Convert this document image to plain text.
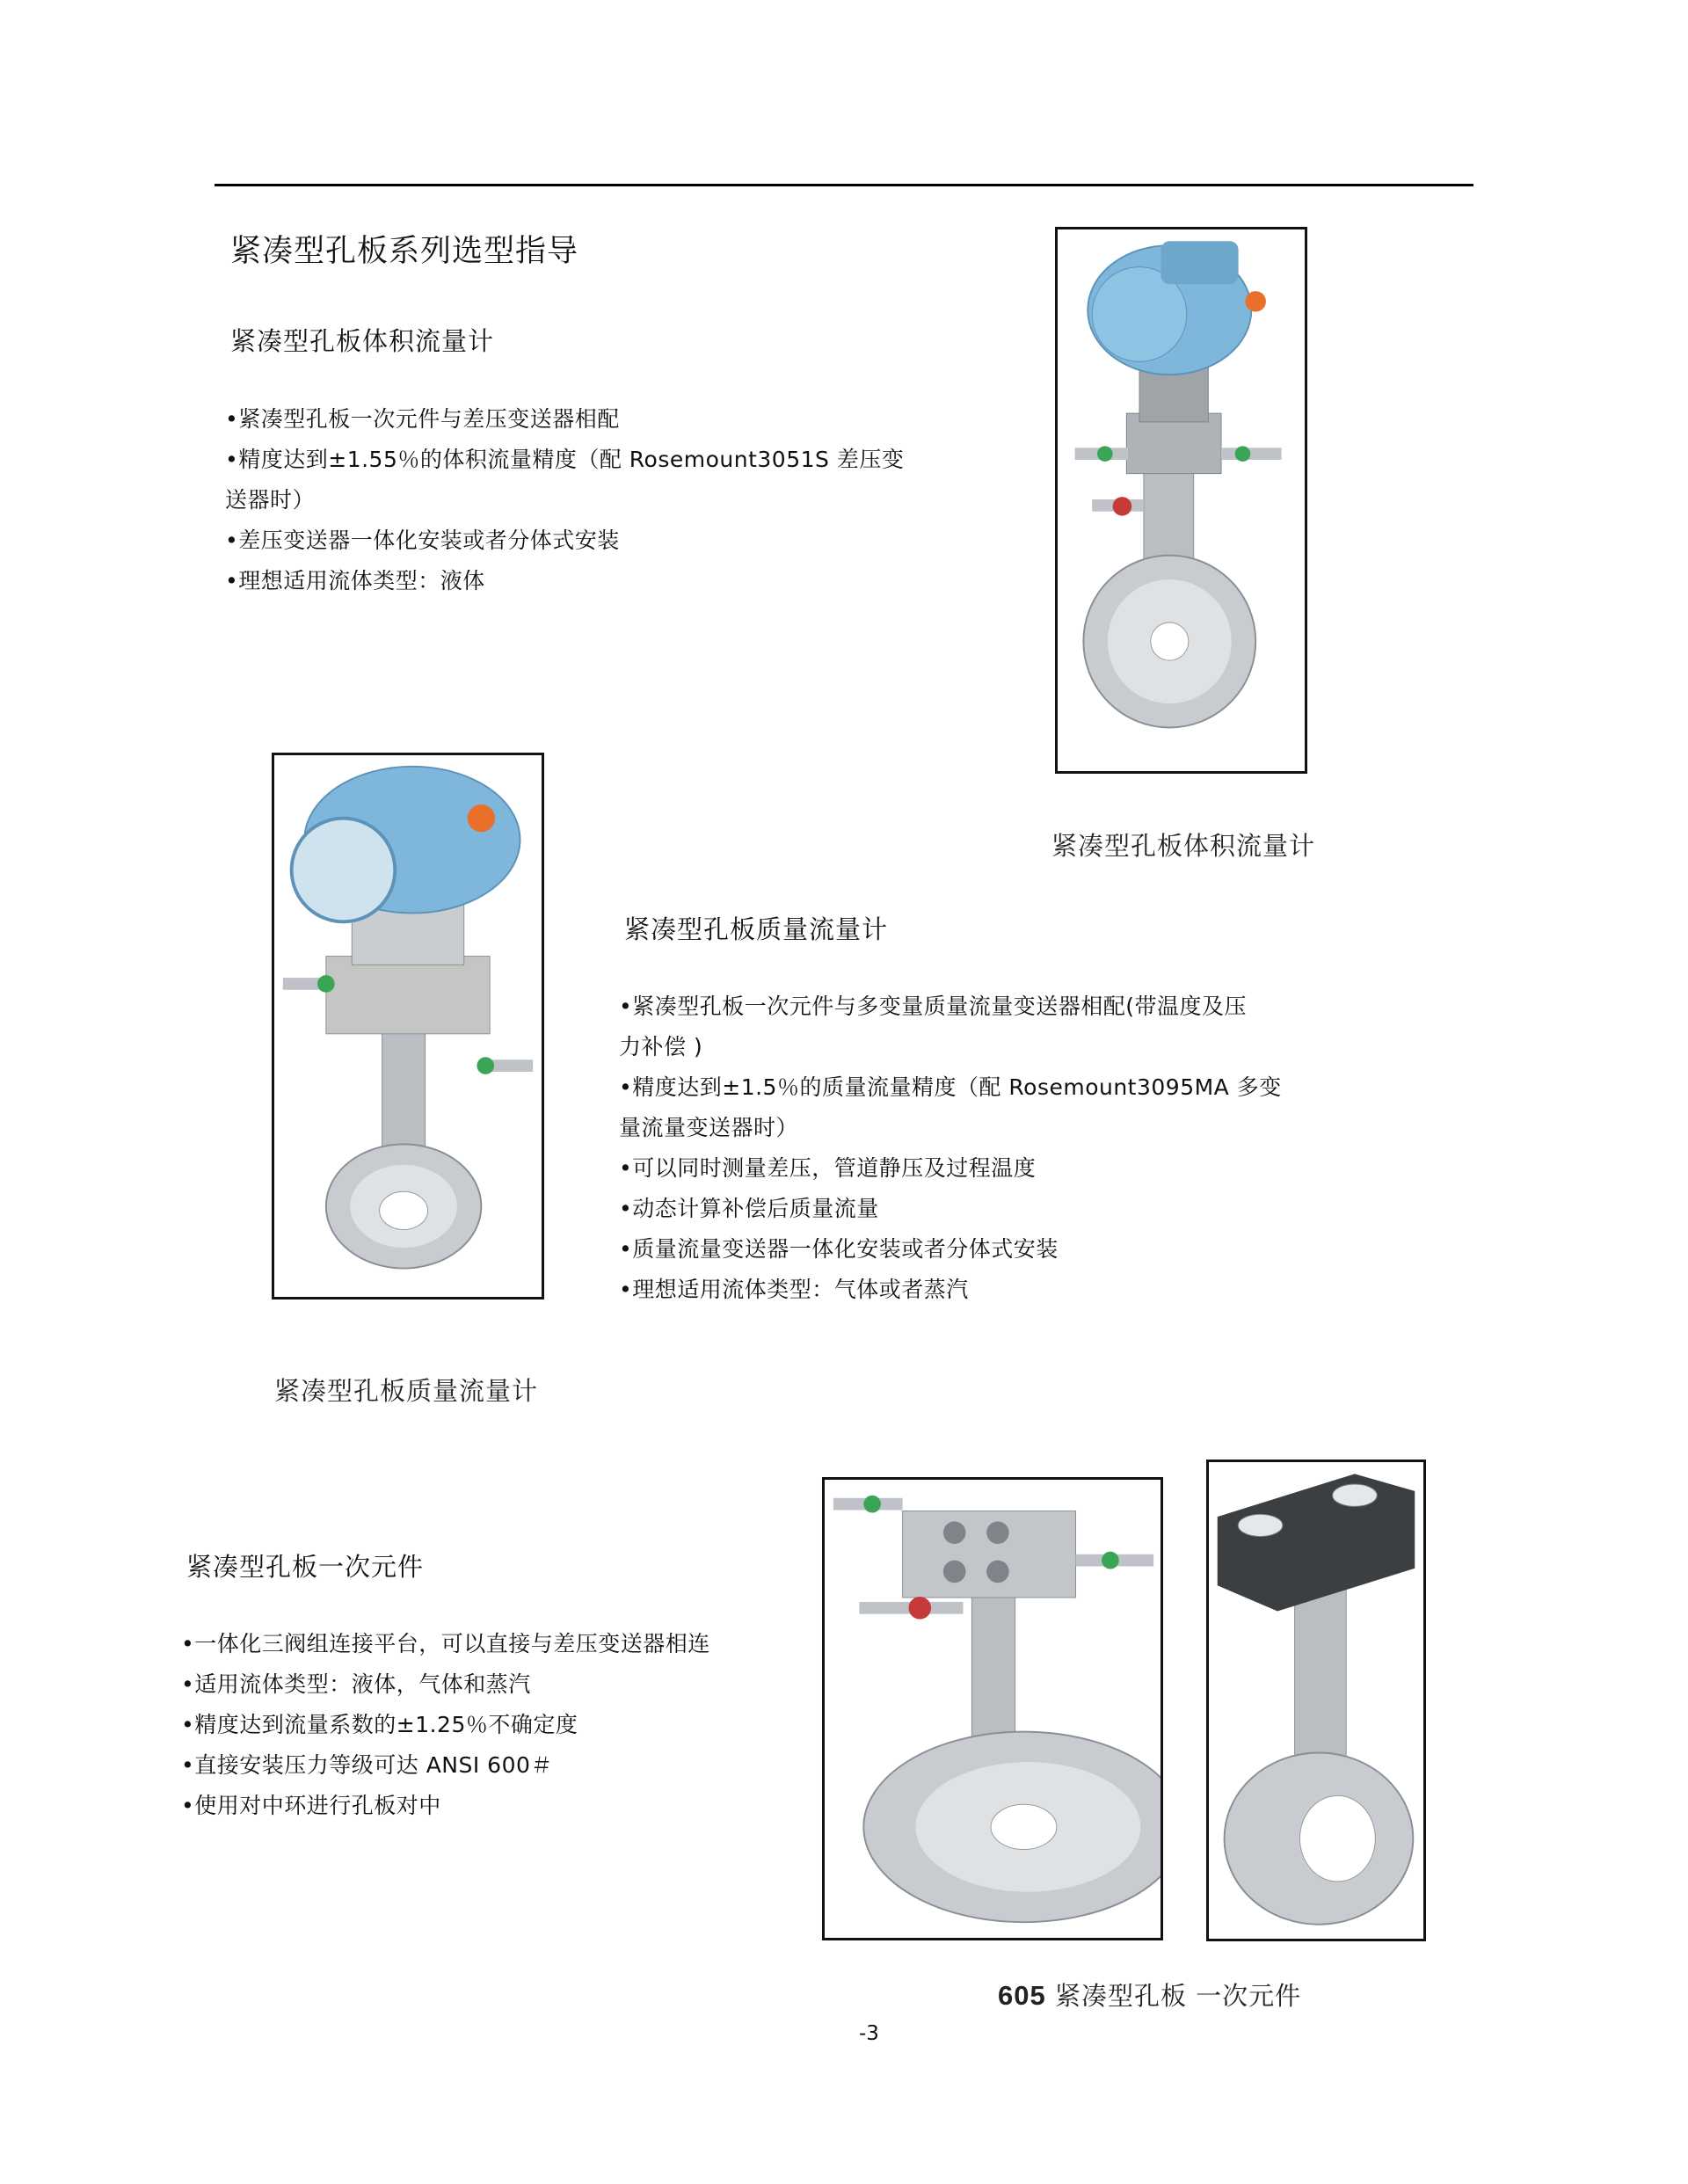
紧凑型孔板系列选型指导
紧凑型孔板体积流量计
•紧凑型孔板一次元件与差压变送器相配
•精度达到±1.55％的体积流量精度（配 Rosemount3051S 差压变
送器时）
•差压变送器一体化安装或者分体式安装
•理想适用流体类型：液体
紧凑型孔板体积流量计
紧凑型孔板质量流量计
紧凑型孔板质量流量计
•紧凑型孔板一次元件与多变量质量流量变送器相配(带温度及压
力补偿 )
•精度达到±1.5％的质量流量精度（配 Rosemount3095MA 多变
量流量变送器时）
•可以同时测量差压，管道静压及过程温度
•动态计算补偿后质量流量
•质量流量变送器一体化安装或者分体式安装
•理想适用流体类型：气体或者蒸汽
紧凑型孔板一次元件
•一体化三阀组连接平台，可以直接与差压变送器相连
•适用流体类型：液体，气体和蒸汽
•精度达到流量系数的±1.25％不确定度
•直接安装压力等级可达 ANSI 600＃
•使用对中环进行孔板对中
605 紧凑型孔板 一次元件
-3
